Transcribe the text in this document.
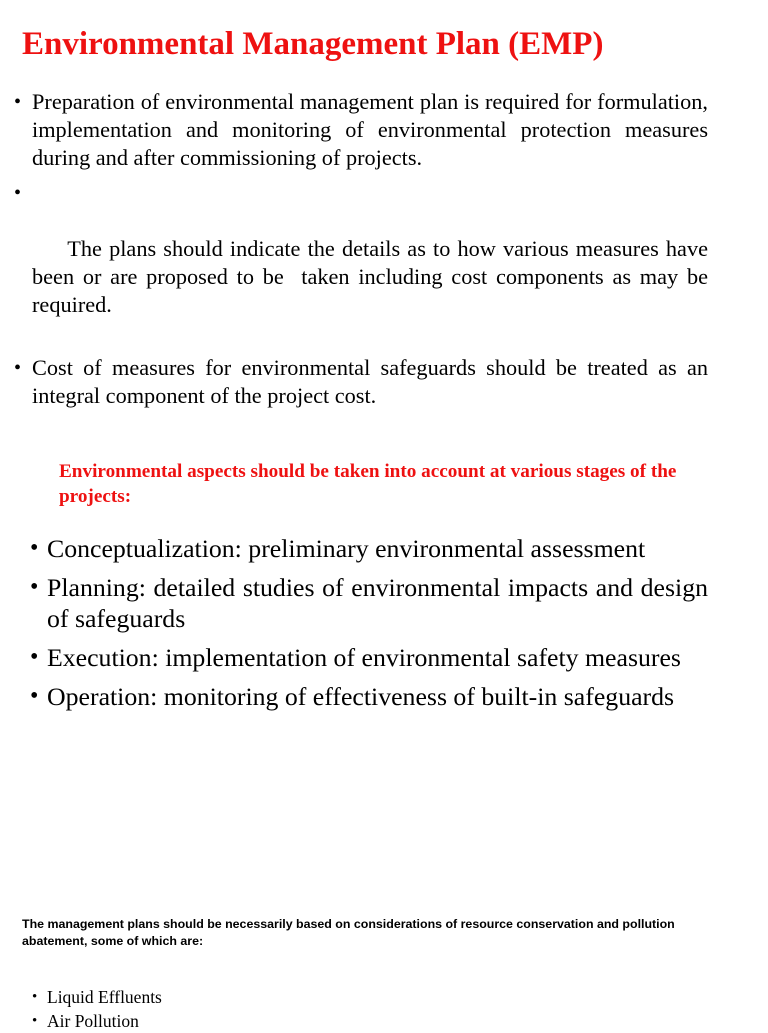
Environmental Management Plan (EMP)
• Preparation of environmental management plan is required for formulation, implementation and monitoring of environmental protection measures during and after commissioning of projects.

•

The plans should indicate the details as to how various measures have been or are proposed to be  taken including cost components as may be required.

• Cost of measures for environmental safeguards should be treated as an integral component of the project cost.

Environmental aspects should be taken into account at various stages of the projects:

• Conceptualization: preliminary environmental assessment
• Planning: detailed studies of environmental impacts and design of safeguards
• Execution: implementation of environmental safety measures
• Operation: monitoring of effectiveness of built-in safeguards

The management plans should be necessarily based on considerations of resource conservation and pollution abatement, some of which are:

• Liquid Effluents
• Air Pollution
